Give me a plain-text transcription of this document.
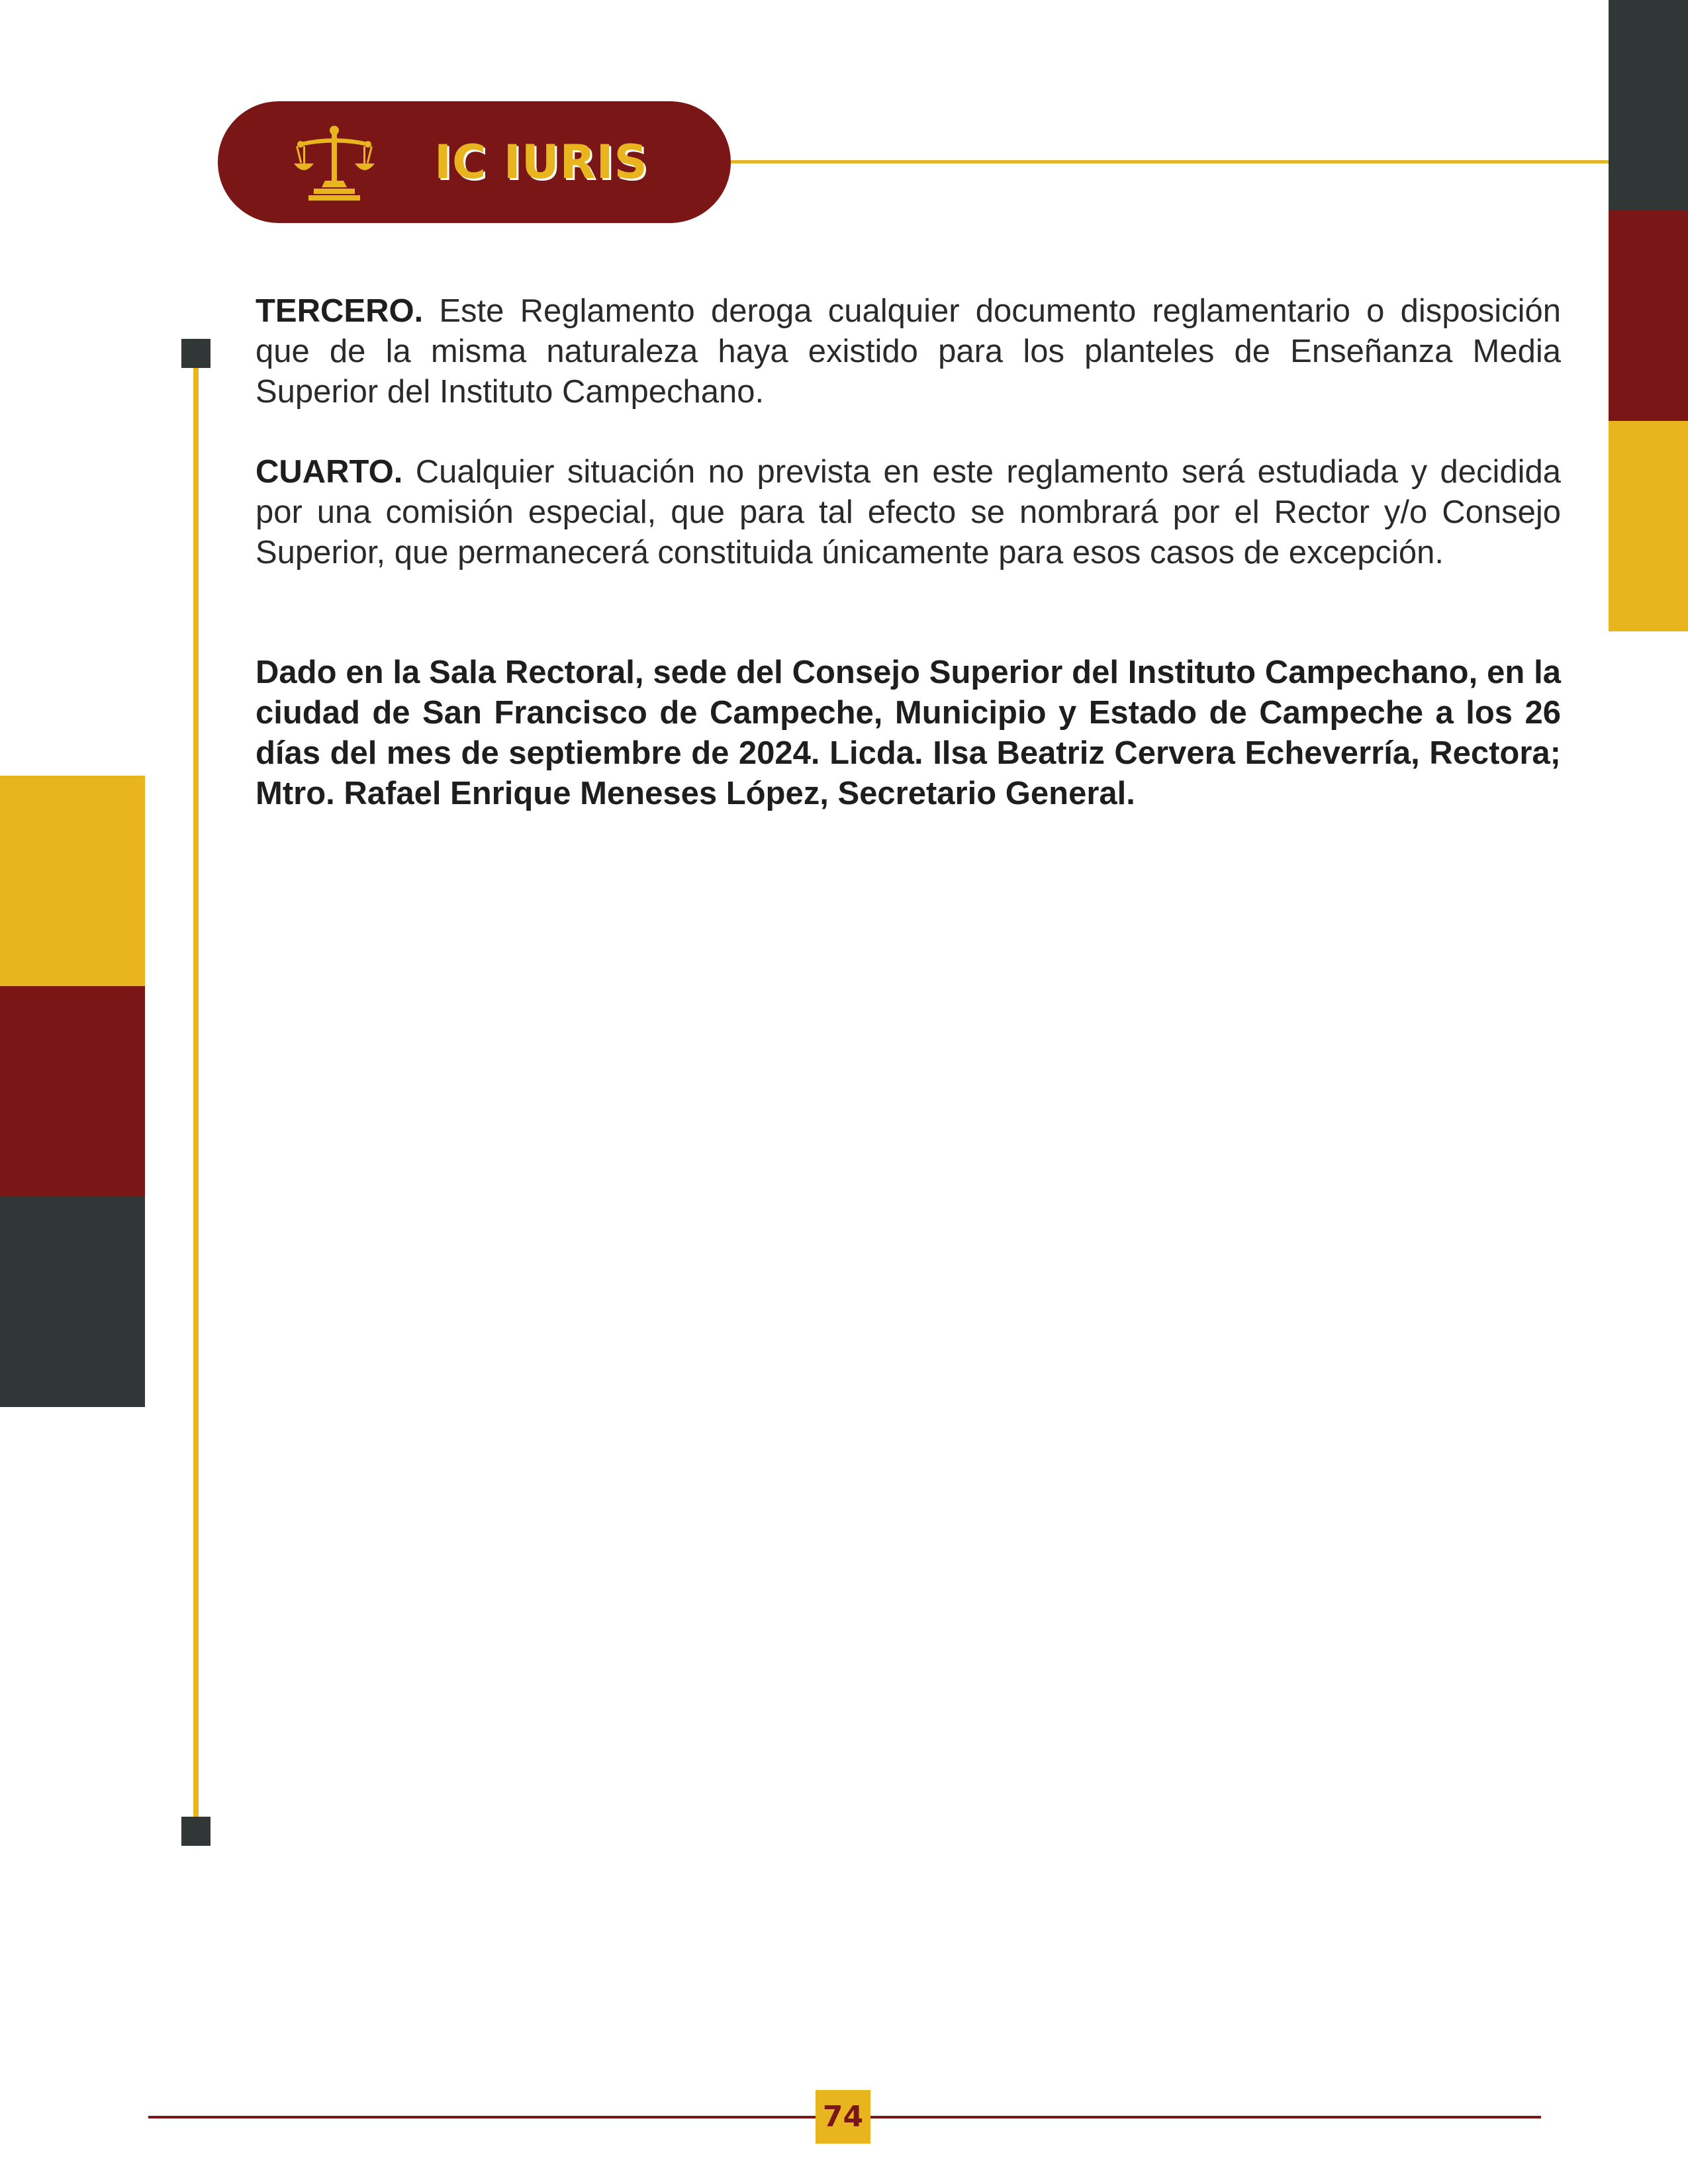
IC IURIS

TERCERO. Este Reglamento deroga cualquier documento reglamentario o disposición que de la misma naturaleza haya existido para los planteles de Enseñanza Media Superior del Instituto Campechano.

CUARTO. Cualquier situación no prevista en este reglamento será estudiada y decidida por una comisión especial, que para tal efecto se nombrará por el Rector y/o Consejo Superior, que permanecerá constituida únicamente para esos casos de excepción.

Dado en la Sala Rectoral, sede del Consejo Superior del Instituto Campechano, en la ciudad de San Francisco de Campeche, Municipio y Estado de Campeche a los 26 días del mes de septiembre de 2024. Licda. Ilsa Beatriz Cervera Echeverría, Rectora; Mtro. Rafael Enrique Meneses López, Secretario General.

74
